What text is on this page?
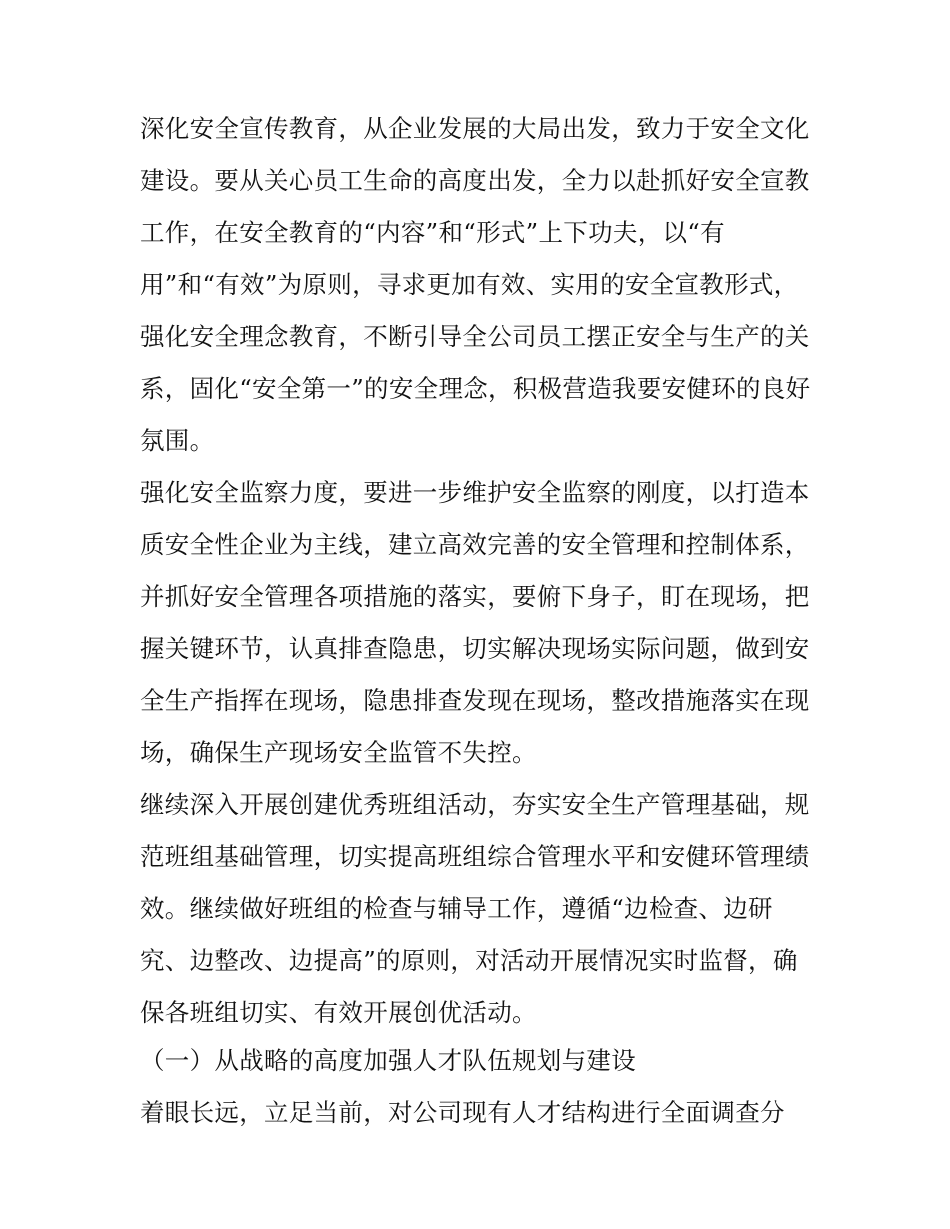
深化安全宣传教育，从企业发展的大局出发，致力于安全文化
建设。要从关心员工生命的高度出发，全力以赴抓好安全宣教
工作，在安全教育的“内容”和“形式”上下功夫，以“有
用”和“有效”为原则，寻求更加有效、实用的安全宣教形式，
强化安全理念教育，不断引导全公司员工摆正安全与生产的关
系，固化“安全第一”的安全理念，积极营造我要安健环的良好
氛围。
强化安全监察力度，要进一步维护安全监察的刚度，以打造本
质安全性企业为主线，建立高效完善的安全管理和控制体系，
并抓好安全管理各项措施的落实，要俯下身子，盯在现场，把
握关键环节，认真排查隐患，切实解决现场实际问题，做到安
全生产指挥在现场，隐患排查发现在现场，整改措施落实在现
场，确保生产现场安全监管不失控。
继续深入开展创建优秀班组活动，夯实安全生产管理基础，规
范班组基础管理，切实提高班组综合管理水平和安健环管理绩
效。继续做好班组的检查与辅导工作，遵循“边检查、边研
究、边整改、边提高”的原则，对活动开展情况实时监督，确
保各班组切实、有效开展创优活动。
（一）从战略的高度加强人才队伍规划与建设
着眼长远，立足当前，对公司现有人才结构进行全面调查分
